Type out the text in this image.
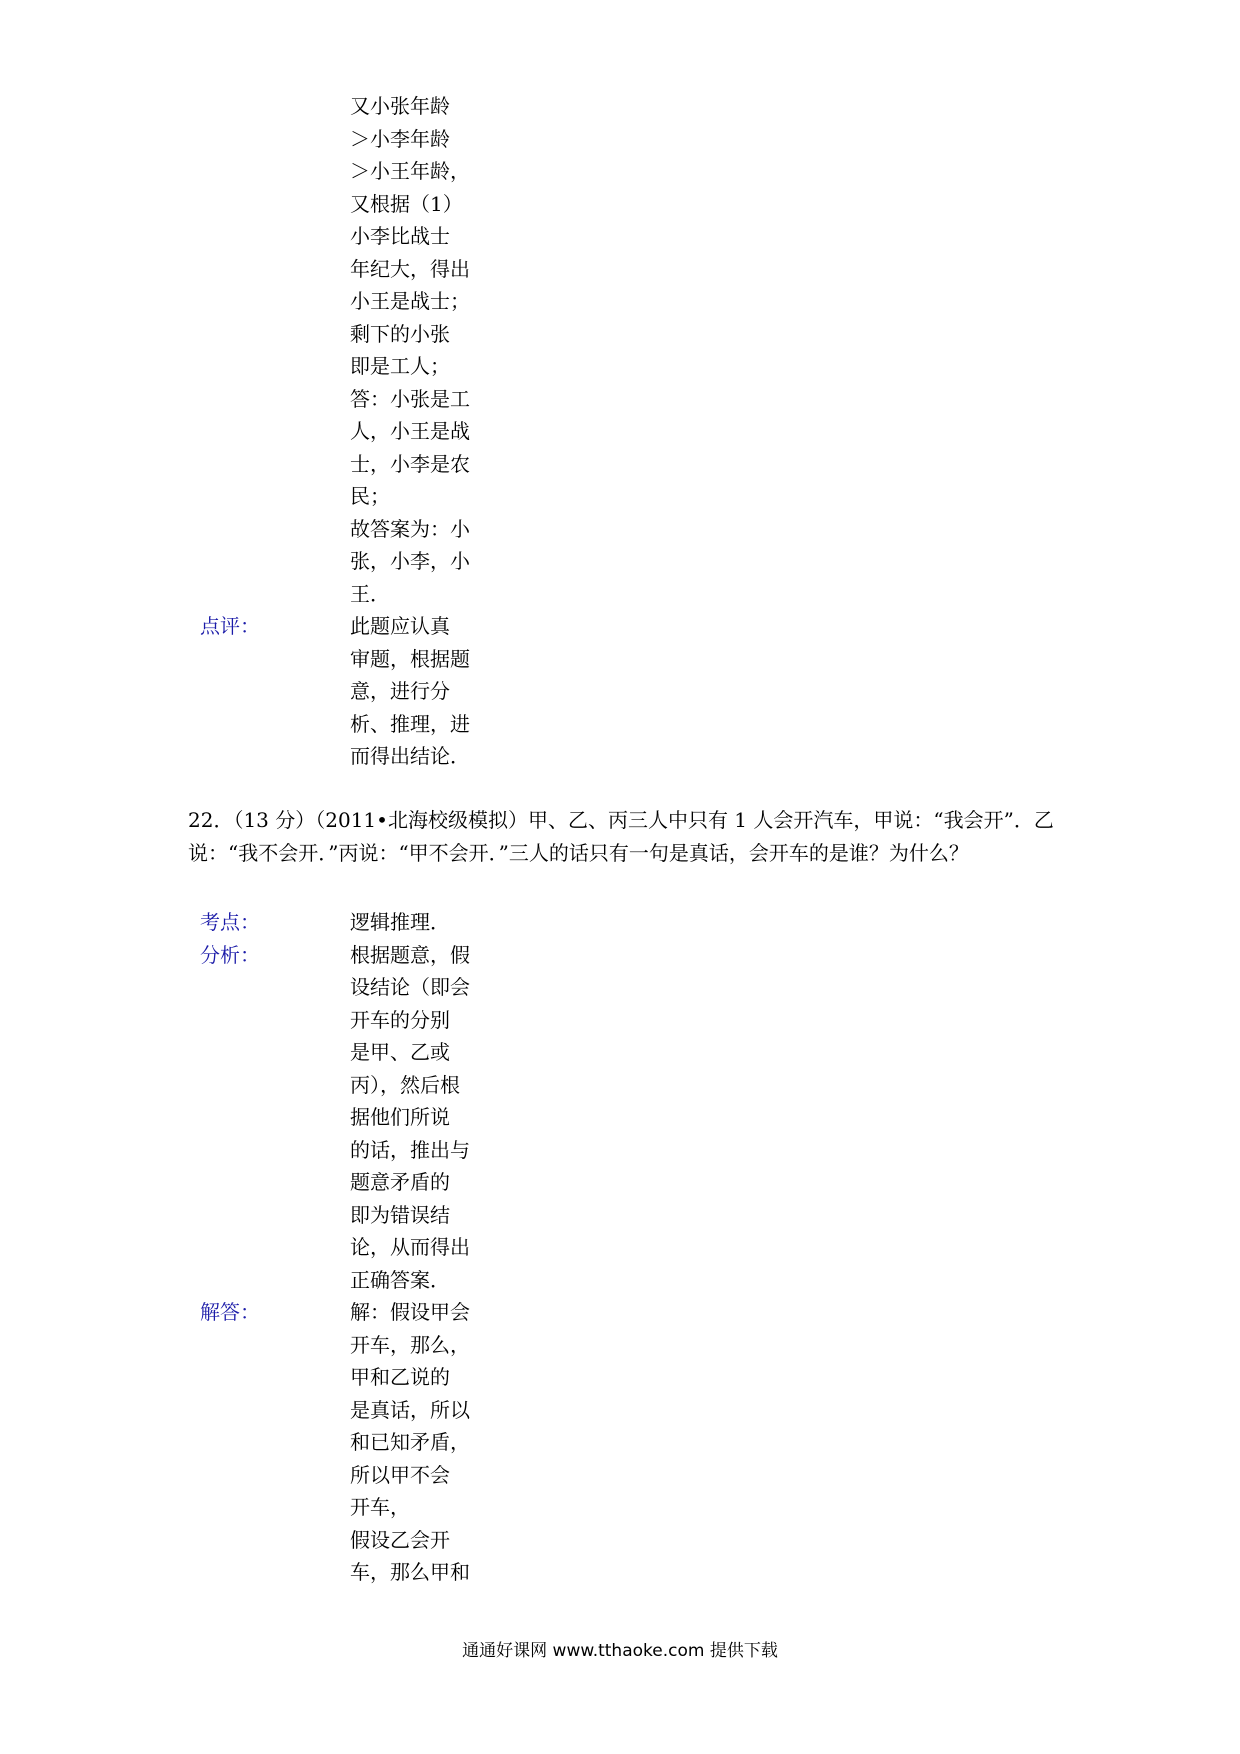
又小张年龄
＞小李年龄
＞小王年龄，
又根据（1）
小李比战士
年纪大，得出
小王是战士；
剩下的小张
即是工人；
答：小张是工
人，小王是战
士，小李是农
民；
故答案为：小
张，小李，小
王．
点评：	此题应认真
审题，根据题
意，进行分
析、推理，进
而得出结论．
22．（13 分）（2011•北海校级模拟）甲、乙、丙三人中只有 1 人会开汽车，甲说：“我会开”．乙
说：“我不会开．”丙说：“甲不会开．”三人的话只有一句是真话，会开车的是谁？为什么？
考点：	逻辑推理．
分析：	根据题意，假
设结论（即会
开车的分别
是甲、乙或
丙），然后根
据他们所说
的话，推出与
题意矛盾的
即为错误结
论，从而得出
正确答案．
解答：	解：假设甲会
开车，那么，
甲和乙说的
是真话，所以
和已知矛盾，
所以甲不会
开车，
假设乙会开
车，那么甲和
通通好课网 www.tthaoke.com 提供下载
